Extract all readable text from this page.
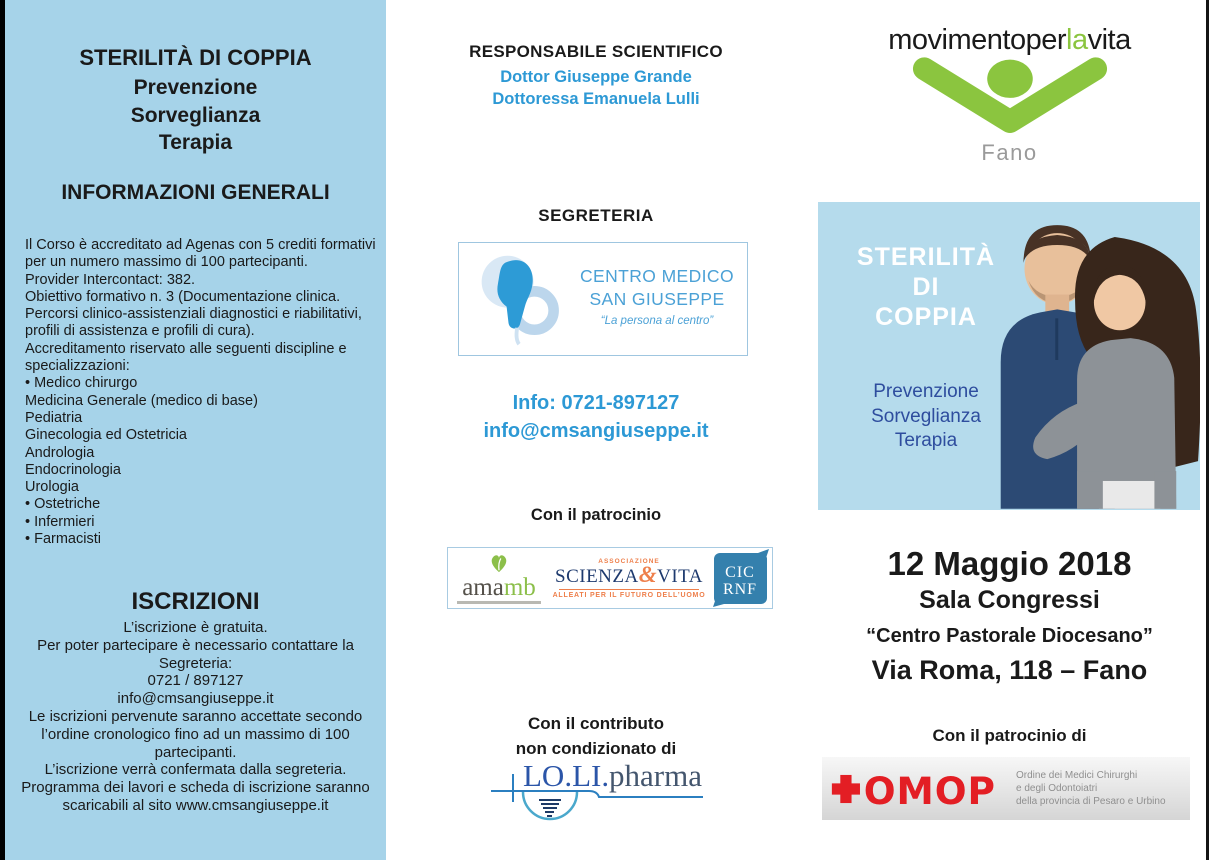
STERILITÀ DI COPPIA
Prevenzione
Sorveglianza
Terapia
INFORMAZIONI GENERALI
Il Corso è accreditato ad Agenas con 5 crediti formativi
per un numero massimo di 100 partecipanti.
Provider Intercontact: 382.
Obiettivo formativo n. 3 (Documentazione clinica.
Percorsi clinico-assistenziali diagnostici e riabilitativi,
profili di assistenza e profili di cura).
Accreditamento riservato alle seguenti discipline e
specializzazioni:
• Medico chirurgo
Medicina Generale (medico di base)
Pediatria
Ginecologia ed Ostetricia
Andrologia
Endocrinologia
Urologia
• Ostetriche
• Infermieri
• Farmacisti
ISCRIZIONI
L’iscrizione è gratuita.
Per poter partecipare è necessario contattare la
Segreteria:
0721 / 897127
info@cmsangiuseppe.it
Le iscrizioni pervenute saranno accettate secondo
l’ordine cronologico fino ad un massimo di 100
partecipanti.
L’iscrizione verrà confermata dalla segreteria.
Programma dei lavori e scheda di iscrizione saranno
scaricabili al sito www.cmsangiuseppe.it
RESPONSABILE SCIENTIFICO
Dottor Giuseppe Grande
Dottoressa Emanuela Lulli
SEGRETERIA
CENTRO MEDICO
SAN GIUSEPPE
“La persona al centro”
Info: 0721-897127
info@cmsangiuseppe.it
Con il patrocinio
amamb
ASSOCIAZIONE
SCIENZA&VITA
ALLEATI PER IL FUTURO DELL’UOMO
CIC
RNF
Con il contributo
non condizionato di
LO.LI. pharma
movimentoperlavita
Fano
STERILITÀ
DI
COPPIA
Prevenzione
Sorveglianza
Terapia
12 Maggio 2018
Sala Congressi
“Centro Pastorale Diocesano”
Via Roma, 118 – Fano
Con il patrocinio di
OMOP Ordine dei Medici Chirurghi
e degli Odontoiatri
della provincia di Pesaro e Urbino
